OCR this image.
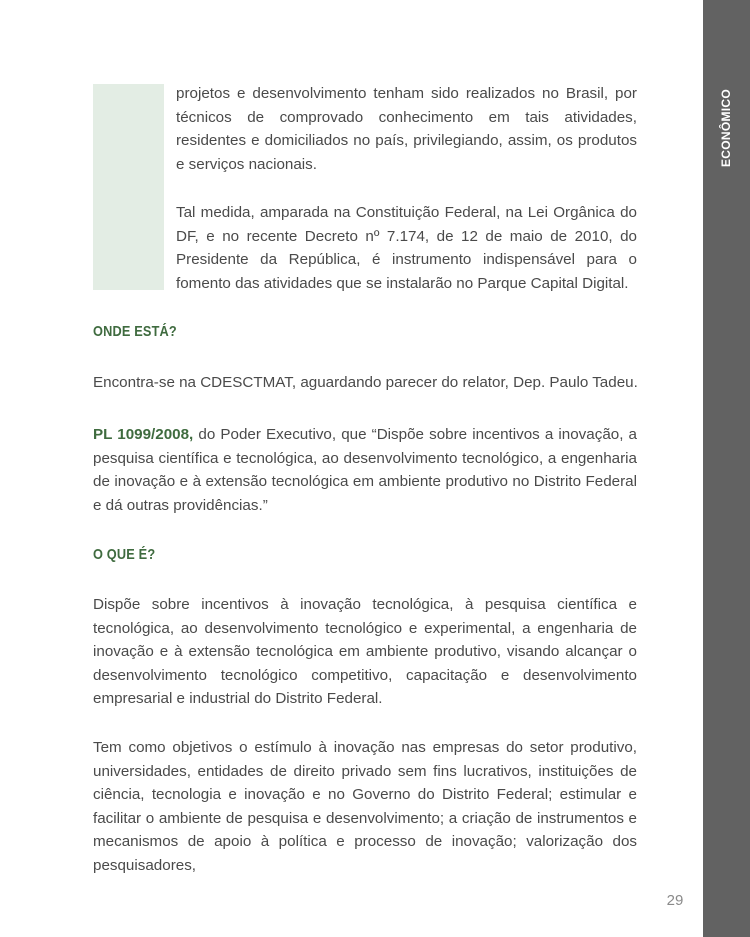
ECONÔMICO

projetos e desenvolvimento tenham sido realizados no Brasil, por técnicos de comprovado conhecimento em tais atividades, residentes e domiciliados no país, privilegiando, assim, os produtos e serviços nacionais.

Tal medida, amparada na Constituição Federal, na Lei Orgânica do DF, e no recente Decreto nº 7.174, de 12 de maio de 2010, do Presidente da República, é instrumento indispensável para o fomento das atividades que se instalarão no Parque Capital Digital.

ONDE ESTÁ?

Encontra-se na CDESCTMAT, aguardando parecer do relator, Dep. Paulo Tadeu.

PL 1099/2008, do Poder Executivo, que “Dispõe sobre incentivos a inovação, a pesquisa científica e tecnológica, ao desenvolvimento tecnológico, a engenharia de inovação e à extensão tecnológica em ambiente produtivo no Distrito Federal e dá outras providências.”

O QUE É?

Dispõe sobre incentivos à inovação tecnológica, à pesquisa científica e tecnológica, ao desenvolvimento tecnológico e experimental, a engenharia de inovação e à extensão tecnológica em ambiente produtivo, visando alcançar o desenvolvimento tecnológico competitivo, capacitação e desenvolvimento empresarial e industrial do Distrito Federal.

Tem como objetivos o estímulo à inovação nas empresas do setor produtivo, universidades, entidades de direito privado sem fins lucrativos, instituições de ciência, tecnologia e inovação e no Governo do Distrito Federal; estimular e facilitar o ambiente de pesquisa e desenvolvimento; a criação de instrumentos e mecanismos de apoio à política e processo de inovação; valorização dos pesquisadores,

29
